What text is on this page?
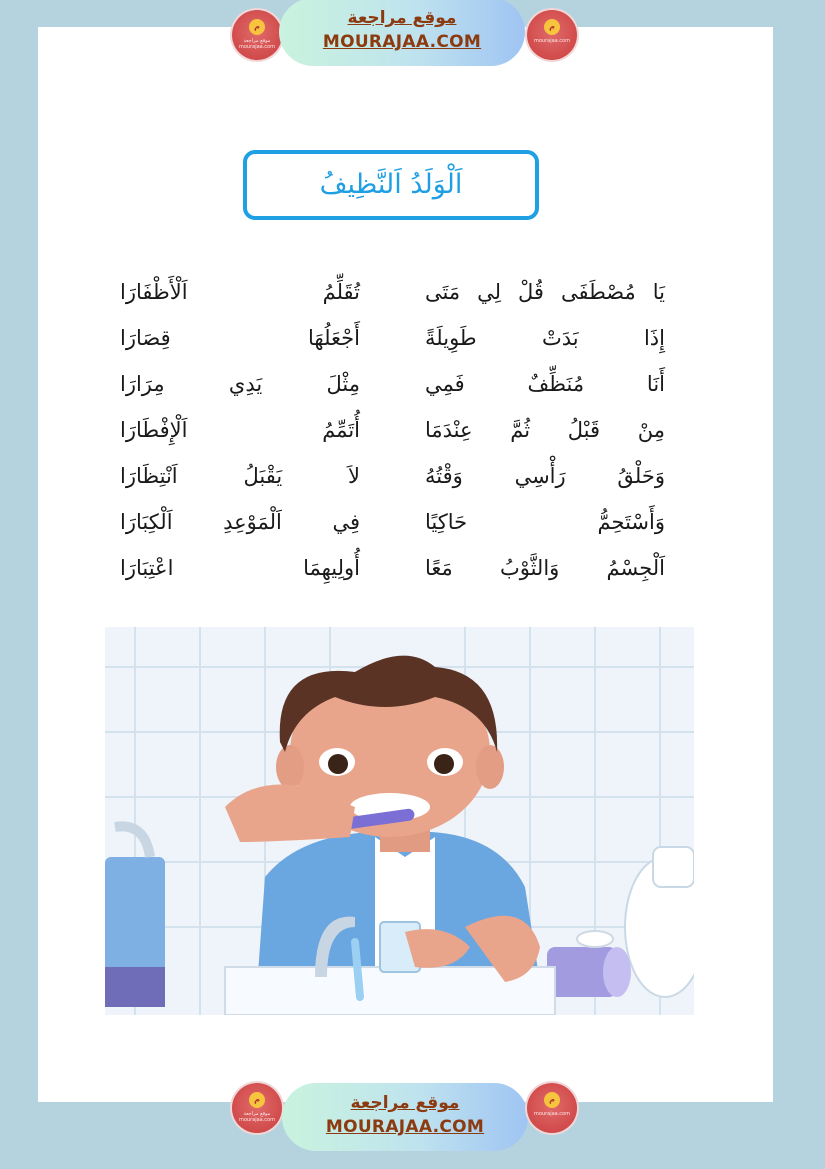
م
موقع مراجعة mourajaa.com
موقع مراجعة
MOURAJAA.COM
م
mourajaa.com
اَلْوَلَدُ اَلنَّظِيفُ
يَا
مُصْطَفَى
قُلْ
لِي
مَتَى
تُقَلِّمُ
اَلْأَظْفَارَا
إِذَا
بَدَتْ
طَوِيلَةً
أَجْعَلُهَا
قِصَارَا
أَنَا
مُنَظِّفٌ
فَمِي
مِثْلَ
يَدِي
مِرَارَا
مِنْ
قَبْلُ
ثُمَّ
عِنْدَمَا
أُتَمِّمُ
اَلْإِفْطَارَا
وَحَلْقُ
رَأْسِي
وَقْتُهُ
لاَ
يَقْبَلُ
اَنْتِظَارَا
وَأَسْتَحِمُّ
حَاكِيًا
فِي
اَلْمَوْعِدِ
اَلْكِبَارَا
اَلْجِسْمُ
وَالثَّوْبُ
مَعًا
أُولِيهِمَا
اعْتِبَارَا
م
موقع مراجعة mourajaa.com
موقع مراجعة
MOURAJAA.COM
م
mourajaa.com
